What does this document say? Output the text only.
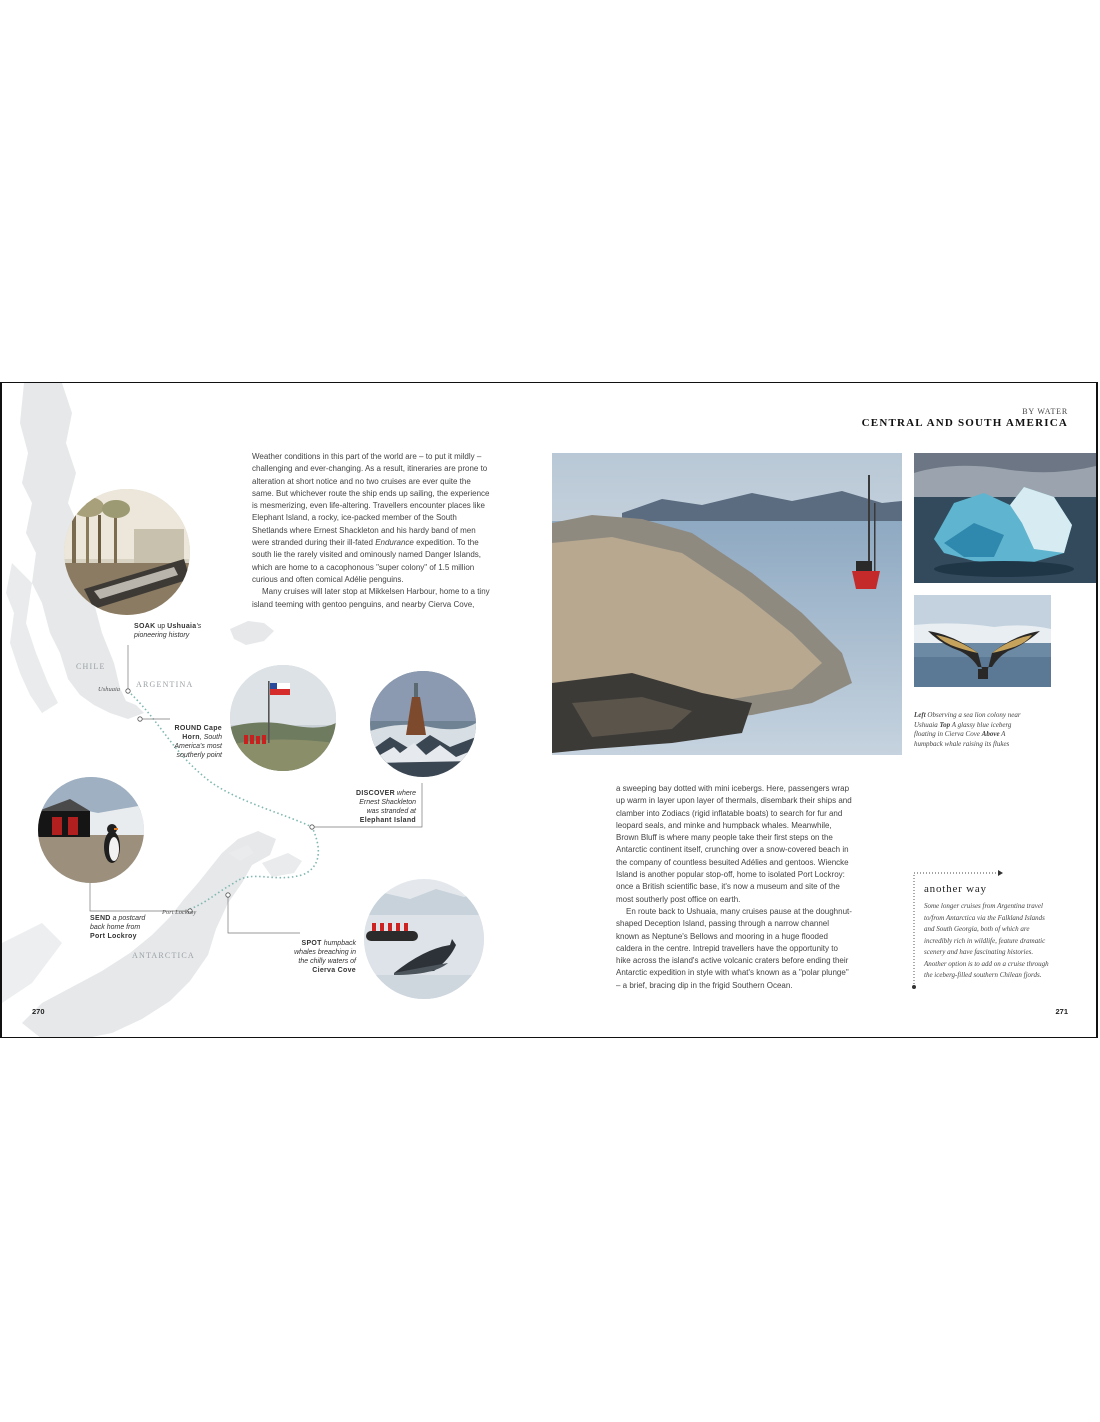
CHILE
ARGENTINA
ANTARCTICA
Ushuaia
Port Lockroy
SOAK up Ushuaia's pioneering history
ROUND Cape Horn, South America's most southerly point
DISCOVER where Ernest Shackleton was stranded at Elephant Island
SEND a postcard back home from Port Lockroy
SPOT humpback whales breaching in the chilly waters of Cierva Cove

Weather conditions in this part of the world are – to put it mildly – challenging and ever-changing. As a result, itineraries are prone to alteration at short notice and no two cruises are ever quite the same. But whichever route the ship ends up sailing, the experience is mesmerizing, even life-altering. Travellers encounter places like Elephant Island, a rocky, ice-packed member of the South Shetlands where Ernest Shackleton and his hardy band of men were stranded during their ill-fated Endurance expedition. To the south lie the rarely visited and ominously named Danger Islands, which are home to a cacophonous "super colony" of 1.5 million curious and often comical Adélie penguins.

Many cruises will later stop at Mikkelsen Harbour, home to a tiny island teeming with gentoo penguins, and nearby Cierva Cove,

270	271
BY WATER
CENTRAL AND SOUTH AMERICA
Left Observing a sea lion colony near Ushuaia Top A glassy blue iceberg floating in Cierva Cove Above A humpback whale raising its flukes

a sweeping bay dotted with mini icebergs. Here, passengers wrap up warm in layer upon layer of thermals, disembark their ships and clamber into Zodiacs (rigid inflatable boats) to search for fur and leopard seals, and minke and humpback whales. Meanwhile, Brown Bluff is where many people take their first steps on the Antarctic continent itself, crunching over a snow-covered beach in the company of countless besuited Adélies and gentoos. Wiencke Island is another popular stop-off, home to isolated Port Lockroy: once a British scientific base, it's now a museum and site of the most southerly post office on earth.

En route back to Ushuaia, many cruises pause at the doughnut-shaped Deception Island, passing through a narrow channel known as Neptune's Bellows and mooring in a huge flooded caldera in the centre. Intrepid travellers have the opportunity to hike across the island's active volcanic craters before ending their Antarctic expedition in style with what's known as a "polar plunge" – a brief, bracing dip in the frigid Southern Ocean.

another way
Some longer cruises from Argentina travel to/from Antarctica via the Falkland Islands and South Georgia, both of which are incredibly rich in wildlife, feature dramatic scenery and have fascinating histories. Another option is to add on a cruise through the iceberg-filled southern Chilean fjords.
